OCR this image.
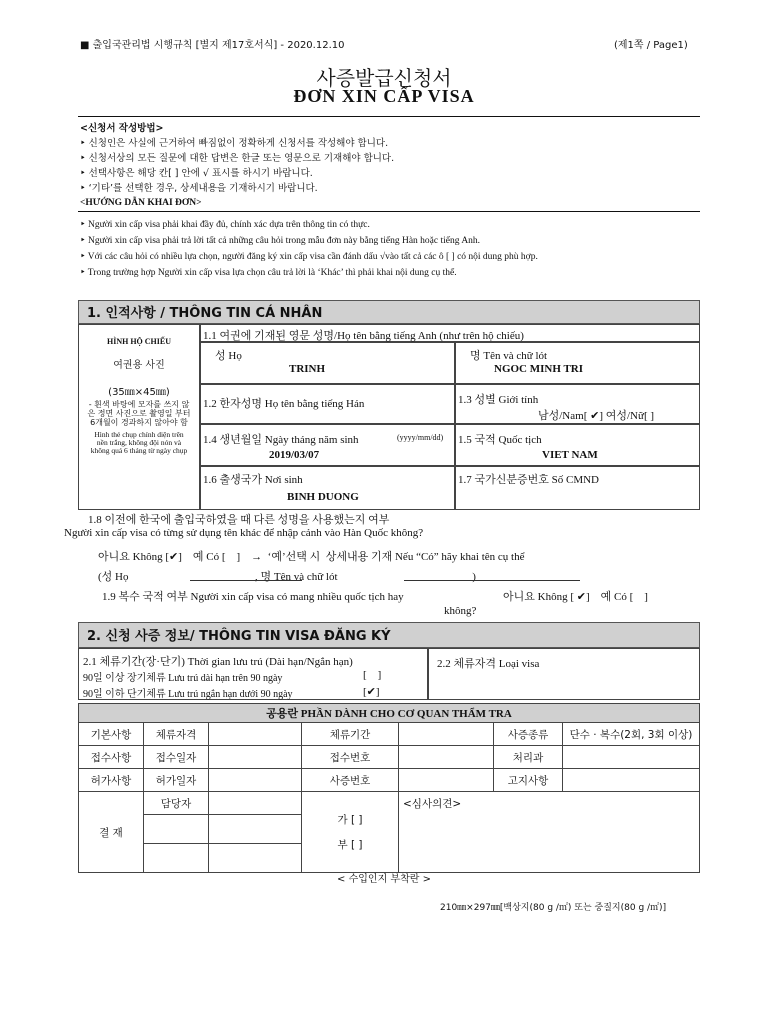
■ 출입국관리법 시행규칙 [별지 제17호서식] - 2020.12.10	(제1쪽 / Page1)
사증발급신청서
ĐƠN XIN CẤP VISA
<신청서 작성방법>
‣ 신청인은 사실에 근거하여 빠짐없이 정확하게 신청서를 작성해야 합니다.
‣ 신청서상의 모든 질문에 대한 답변은 한글 또는 영문으로 기재해야 합니다.
‣ 선택사항은 해당 칸[ ] 안에 √ 표시를 하시기 바랍니다.
‣ ‘기타’를 선택한 경우, 상세내용을 기재하시기 바랍니다.
<HƯỚNG DẪN KHAI ĐƠN>
‣ Người xin cấp visa phải khai đầy đủ, chính xác dựa trên thông tin có thực.
‣ Người xin cấp visa phải trả lời tất cả những câu hỏi trong mẫu đơn này bằng tiếng Hàn hoặc tiếng Anh.
‣ Với các câu hỏi có nhiều lựa chọn, người đăng ký xin cấp visa cần đánh dấu √vào tất cả các ô [ ] có nội dung phù hợp.
‣ Trong trường hợp Người xin cấp visa lựa chọn câu trả lời là ‘Khác’ thì phải khai nội dung cụ thể.
1. 인적사항 / THÔNG TIN CÁ NHÂN
HÌNH HỘ CHIẾU
여권용 사진
(35㎜×45㎜)
- 흰색 바탕에 모자를 쓰지 않은 정면 사진으로 촬영일 부터 6개월이 경과하지 않아야 함
Hình thẻ chụp chính diện trên nền trắng, không đội nón và không quá 6 tháng từ ngày chụp
1.1 여권에 기재된 영문 성명/Họ tên bằng tiếng Anh (như trên hộ chiếu)
성 Họ
TRINH
명 Tên và chữ lót
NGOC MINH TRI
1.2 한자성명 Họ tên bằng tiếng Hán	1.3 성별 Giới tính
남성/Nam[ ✔] 여성/Nữ[ ]
1.4 생년월일 Ngày tháng năm sinh	(yyyy/mm/dd)
2019/03/07
1.5 국적 Quốc tịch
VIET NAM
1.6 출생국가 Nơi sinh
BINH DUONG
1.7 국가신분증번호 Số CMND
1.8 이전에 한국에 출입국하였을 때 다른 성명을 사용했는지 여부
Người xin cấp visa có từng sử dụng tên khác để nhập cảnh vào Hàn Quốc không?
아니요 Không [✔]    예 Có [    ]    →  ‘예’선택 시  상세내용 기재 Nếu “Có” hãy khai tên cụ thể
(성 Họ                                              , 명 Tên và chữ lót                                                 )
1.9 복수 국적 여부 Người xin cấp visa có mang nhiều quốc tịch hay	아니요 Không [ ✔]    예 Có [    ]
không?
2. 신청 사증 정보/ THÔNG TIN VISA ĐĂNG KÝ
2.1 체류기간(장·단기) Thời gian lưu trú (Dài hạn/Ngắn hạn)
90일 이상 장기체류 Lưu trú dài hạn trên 90 ngày	[    ]
90일 이하 단기체류 Lưu trú ngắn hạn dưới 90 ngày	[✔]
2.2 체류자격 Loại visa
공용란 PHẦN DÀNH CHO CƠ QUAN THẨM TRA						
기본사항	체류자격		체류기간		사증종류	단수 · 복수(2회, 3회 이상)
접수사항	접수일자		접수번호		처리과	
허가사항	허가일자		사증번호		고지사항	
결 재	담당자		가 [ ]
부 [ ]	<심사의견>		

< 수입인지 부착란 >
210㎜×297㎜[백상지(80 g /㎡) 또는 중질지(80 g /㎡)]
